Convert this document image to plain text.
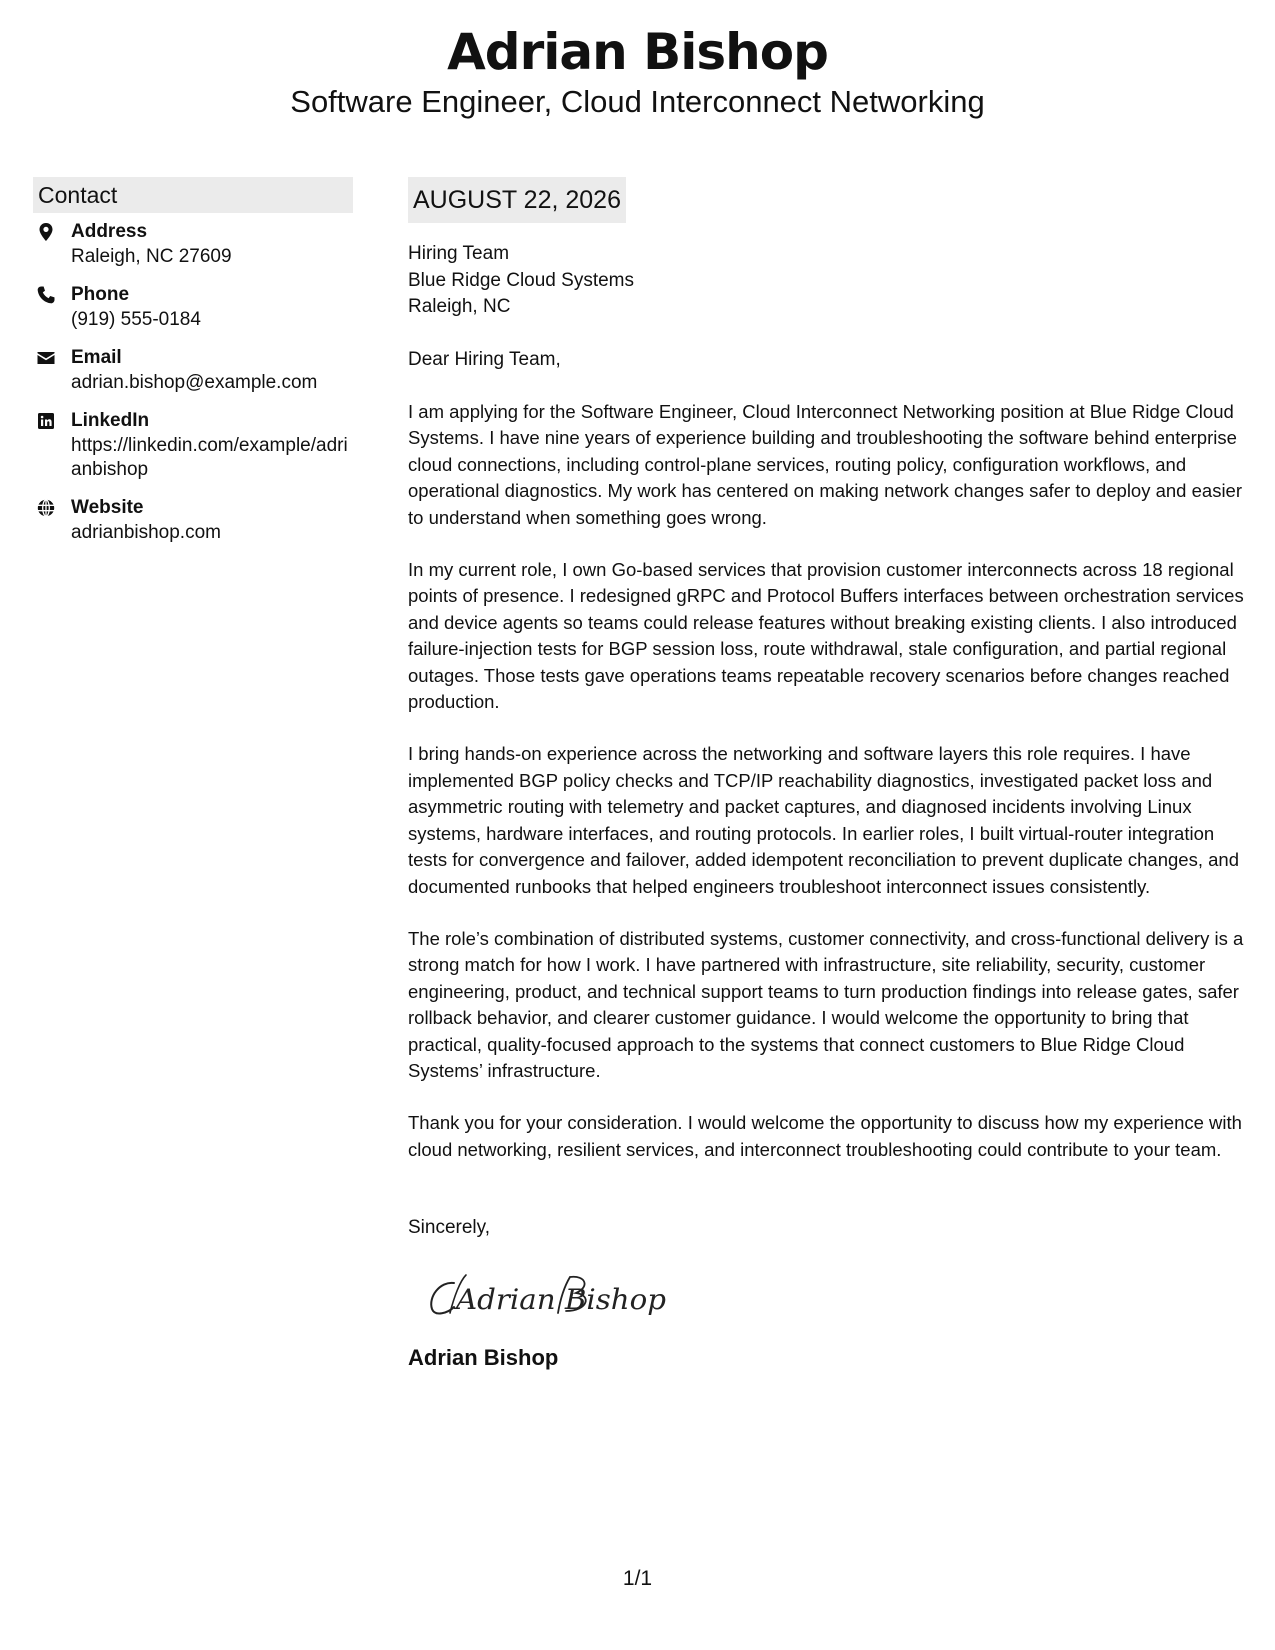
Adrian Bishop
Software Engineer, Cloud Interconnect Networking
Contact
Address
Raleigh, NC 27609
Phone
(919) 555-0184
Email
adrian.bishop@example.com
LinkedIn
https://linkedin.com/example/adrianbishop
Website
adrianbishop.com
AUGUST 22, 2026
Hiring Team
Blue Ridge Cloud Systems
Raleigh, NC
Dear Hiring Team,

I am applying for the Software Engineer, Cloud Interconnect Networking position at Blue Ridge Cloud Systems. I have nine years of experience building and troubleshooting the software behind enterprise cloud connections, including control-plane services, routing policy, configuration workflows, and operational diagnostics. My work has centered on making network changes safer to deploy and easier to understand when something goes wrong.

In my current role, I own Go-based services that provision customer interconnects across 18 regional points of presence. I redesigned gRPC and Protocol Buffers interfaces between orchestration services and device agents so teams could release features without breaking existing clients. I also introduced failure-injection tests for BGP session loss, route withdrawal, stale configuration, and partial regional outages. Those tests gave operations teams repeatable recovery scenarios before changes reached production.

I bring hands-on experience across the networking and software layers this role requires. I have implemented BGP policy checks and TCP/IP reachability diagnostics, investigated packet loss and asymmetric routing with telemetry and packet captures, and diagnosed incidents involving Linux systems, hardware interfaces, and routing protocols. In earlier roles, I built virtual-router integration tests for convergence and failover, added idempotent reconciliation to prevent duplicate changes, and documented runbooks that helped engineers troubleshoot interconnect issues consistently.

The role’s combination of distributed systems, customer connectivity, and cross-functional delivery is a strong match for how I work. I have partnered with infrastructure, site reliability, security, customer engineering, product, and technical support teams to turn production findings into release gates, safer rollback behavior, and clearer customer guidance. I would welcome the opportunity to bring that practical, quality-focused approach to the systems that connect customers to Blue Ridge Cloud Systems’ infrastructure.

Thank you for your consideration. I would welcome the opportunity to discuss how my experience with cloud networking, resilient services, and interconnect troubleshooting could contribute to your team.

Sincerely,
Adrian Bishop
Adrian Bishop
1/1
